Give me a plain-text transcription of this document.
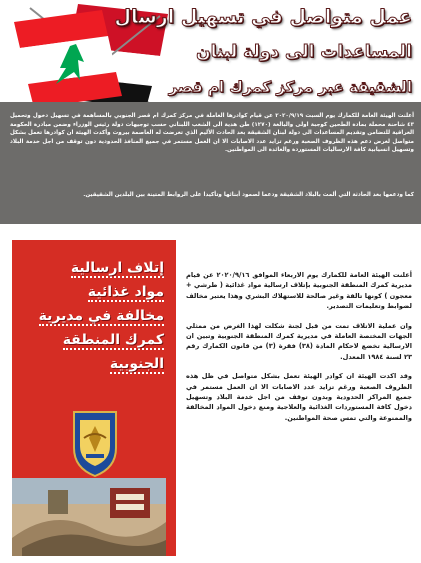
عمل متواصل في تسهيل ارسال
المساعدات الى دولة لبنان
الشقيقة عبر مركز كمرك ام قصر
أعلنت الهيئة العامة للكمارك يوم السبت ٢٠٢٠/٩/١٩ عن قيام كوادرها العاملة في مركز كمرك ام قصر الجنوبي بالمساهمة في تسهيل دخول وتحميل ٤٣ شاحنة محملة بمادة الطحين كوجبة اولى والبالغة (١٢٧٠) طن هدية الى الشعب اللبناني حسب توجيهات دولة رئيس الوزراء وضمن مبادرة الحكومة العراقية للتضامن وتقديم المساعدات الى دولة لبنان الشقيقة بعد الحادث الأليم الذي تعرضت له العاصمة بيروت وأكدت الهيئة ان كوادرها تعمل بشكل متواصل لغرض دعم هذه الظروف الصعبة ورغم تزايد عدد الاصابات الا ان العمل مستمر في جميع المنافذ الحدودية دون توقف من اجل خدمة البلاد وتسهيل انسيابية كافة الارساليات المستوردة والعائدة الى المواطنين.
كما ودعمها بعد الحادثة التي ألمت بالبلاد الشقيقة ودعما لصمود أبنائها وتأكيدا على الروابط المتينة بين البلدين الشقيقين.
إتلاف ارسالية
مواد غذائية
مخالفة في مديرية
كمرك المنطقة
الجنوبية

أعلنت الهيئة العامة للكمارك يوم الاربعاء الموافق ٢٠٢٠/٩/١٦ عن قيام مديرية كمرك المنطقة الجنوبية بإتلاف ارسالية مواد غذائية ( طرشي + معجون ) كونها تالفة وغير صالحة للاستهلاك البشري وهذا يعتبر مخالف لضوابط وتعليمات التصدير.

وان عملية الاتلاف تمت من قبل لجنة شكلت لهذا الغرض من ممثلي الجهات المختصة العاملة في مديرية كمرك المنطقة الجنوبية وتبين ان الارسالية تخضع لاحكام المادة (٣٨) فقرة (٣) من قانون الكمارك رقم ٢٣ لسنة ١٩٨٤ المعدل.

وقد اكدت الهيئة ان كوادر الهيئة تعمل بشكل متواصل في ظل هذه الظروف الصعبة ورغم تزايد عدد الاصابات الا ان العمل مستمر في جميع المراكز الحدودية وبدون توقف من اجل خدمة البلاد وتسهيل دخول كافة المستوردات الغذائية والعلاجية ومنع دخول المواد المخالفة والممنوعة والتي تمس صحة المواطنين.
